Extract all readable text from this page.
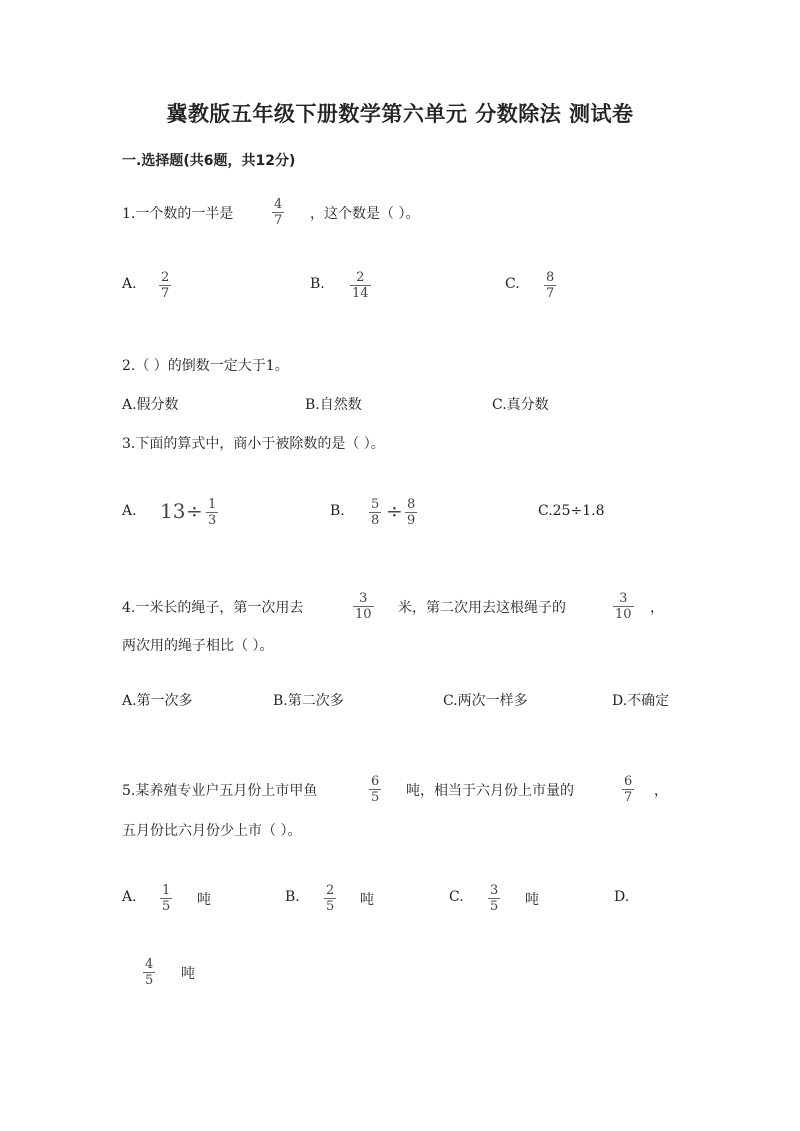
冀教版五年级下册数学第六单元 分数除法 测试卷
一.选择题(共6题，共12分)
1.一个数的一半是	$\frac{4}{7}$ ，这个数是（ ）。
A. $\frac{2}{7}$	B. $\frac{2}{14}$	C. $\frac{8}{7}$
2.（ ）的倒数一定大于1。
A.假分数	B.自然数	C.真分数
3.下面的算式中，商小于被除数的是（ ）。
A. $13 \div \frac{1}{3}$	B. $\frac{5}{8} \div \frac{8}{9}$	C.25÷1.8
4.一米长的绳子，第一次用去	$\frac{3}{10}$ 米，第二次用去这根绳子的	$\frac{3}{10}$ ，
两次用的绳子相比（ ）。
A.第一次多	B.第二次多	C.两次一样多	D.不确定
5.某养殖专业户五月份上市甲鱼	$\frac{6}{5}$ 吨，相当于六月份上市量的	$\frac{6}{7}$ ，
五月份比六月份少上市（ ）。
A. $\frac{1}{5}$ 吨	B. $\frac{2}{5}$ 吨	C. $\frac{3}{5}$ 吨	D.
$\frac{4}{5}$ 吨
